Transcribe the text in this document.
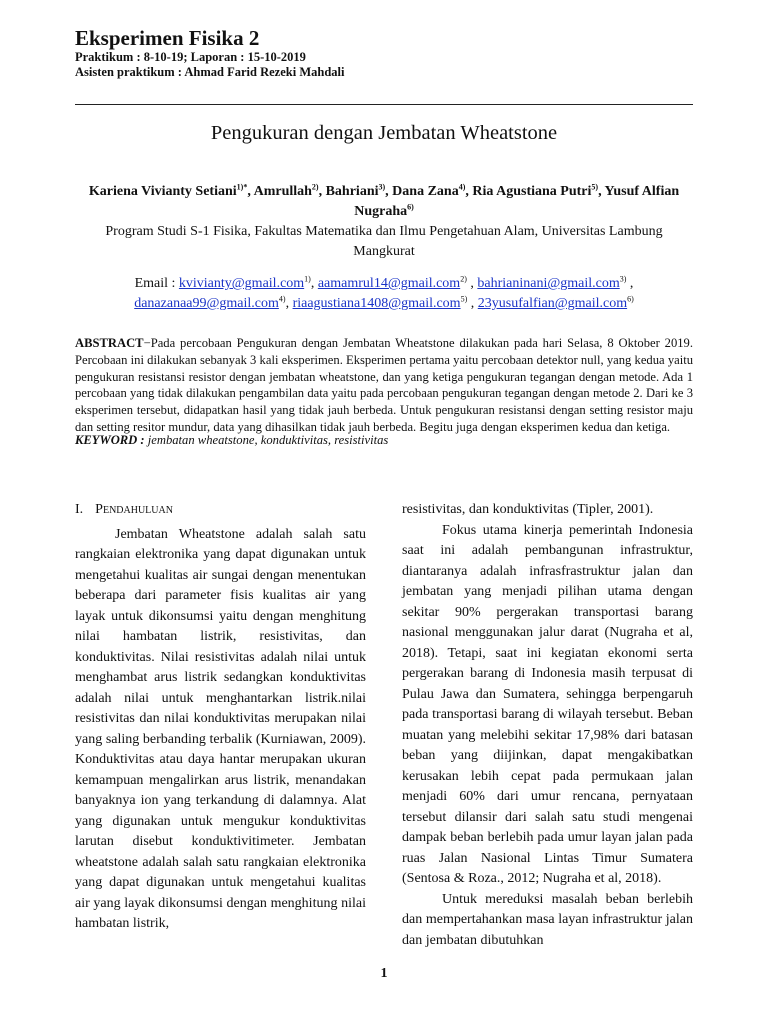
Eksperimen Fisika 2
Praktikum : 8-10-19; Laporan : 15-10-2019
Asisten praktikum : Ahmad Farid Rezeki Mahdali
Pengukuran dengan Jembatan Wheatstone
Kariena Vivianty Setiani$^{1)*}$, Amrullah$^{2)}$, Bahriani$^{3)}$, Dana Zana$^{4)}$, Ria Agustiana Putri$^{5)}$, Yusuf Alfian Nugraha$^{6)}$
Program Studi S-1 Fisika, Fakultas Matematika dan Ilmu Pengetahuan Alam, Universitas Lambung Mangkurat
Email : kvivianty@gmail.com$^{1)}$, aamamrul14@gmail.com$^{2)}$ , bahrianinani@gmail.com$^{3)}$ , danazanaa99@gmail.com$^{4)}$, riaagustiana1408@gmail.com$^{5)}$ , 23yusufalfian@gmail.com$^{6)}$
ABSTRACT−Pada percobaan Pengukuran dengan Jembatan Wheatstone dilakukan pada hari Selasa, 8 Oktober 2019. Percobaan ini dilakukan sebanyak 3 kali eksperimen. Eksperimen pertama yaitu percobaan detektor null, yang kedua yaitu pengukuran resistansi resistor dengan jembatan wheatstone, dan yang ketiga pengukuran tegangan dengan metode. Ada 1 percobaan yang tidak dilakukan pengambilan data yaitu pada percobaan pengukuran tegangan dengan metode 2. Dari ke 3 eksperimen tersebut, didapatkan hasil yang tidak jauh berbeda. Untuk pengukuran resistansi dengan setting resistor maju dan setting resitor mundur, data yang dihasilkan tidak jauh berbeda. Begitu juga dengan eksperimen kedua dan ketiga.
KEYWORD : jembatan wheatstone, konduktivitas, resistivitas
I. Pendahuluan

Jembatan Wheatstone adalah salah satu rangkaian elektronika yang dapat digunakan untuk mengetahui kualitas air sungai dengan menentukan beberapa dari parameter fisis kualitas air yang layak untuk dikonsumsi yaitu dengan menghitung nilai hambatan listrik, resistivitas, dan konduktivitas. Nilai resistivitas adalah nilai untuk menghambat arus listrik sedangkan konduktivitas adalah nilai untuk menghantarkan listrik.nilai resistivitas dan nilai konduktivitas merupakan nilai yang saling berbanding terbalik (Kurniawan, 2009). Konduktivitas atau daya hantar merupakan ukuran kemampuan mengalirkan arus listrik, menandakan banyaknya ion yang terkandung di dalamnya. Alat yang digunakan untuk mengukur konduktivitas larutan disebut konduktivitimeter. Jembatan wheatstone adalah salah satu rangkaian elektronika yang dapat digunakan untuk mengetahui kualitas air yang layak dikonsumsi dengan menghitung nilai hambatan listrik,

resistivitas, dan konduktivitas (Tipler, 2001).

Fokus utama kinerja pemerintah Indonesia saat ini adalah pembangunan infrastruktur, diantaranya adalah infrasfrastruktur jalan dan jembatan yang menjadi pilihan utama dengan sekitar 90% pergerakan transportasi barang nasional menggunakan jalur darat (Nugraha et al, 2018). Tetapi, saat ini kegiatan ekonomi serta pergerakan barang di Indonesia masih terpusat di Pulau Jawa dan Sumatera, sehingga berpengaruh pada transportasi barang di wilayah tersebut. Beban muatan yang melebihi sekitar 17,98% dari batasan beban yang diijinkan, dapat mengakibatkan kerusakan lebih cepat pada permukaan jalan menjadi 60% dari umur rencana, pernyataan tersebut dilansir dari salah satu studi mengenai dampak beban berlebih pada umur layan jalan pada ruas Jalan Nasional Lintas Timur Sumatera (Sentosa & Roza., 2012; Nugraha et al, 2018).

Untuk mereduksi masalah beban berlebih dan mempertahankan masa layan infrastruktur jalan dan jembatan dibutuhkan

1
